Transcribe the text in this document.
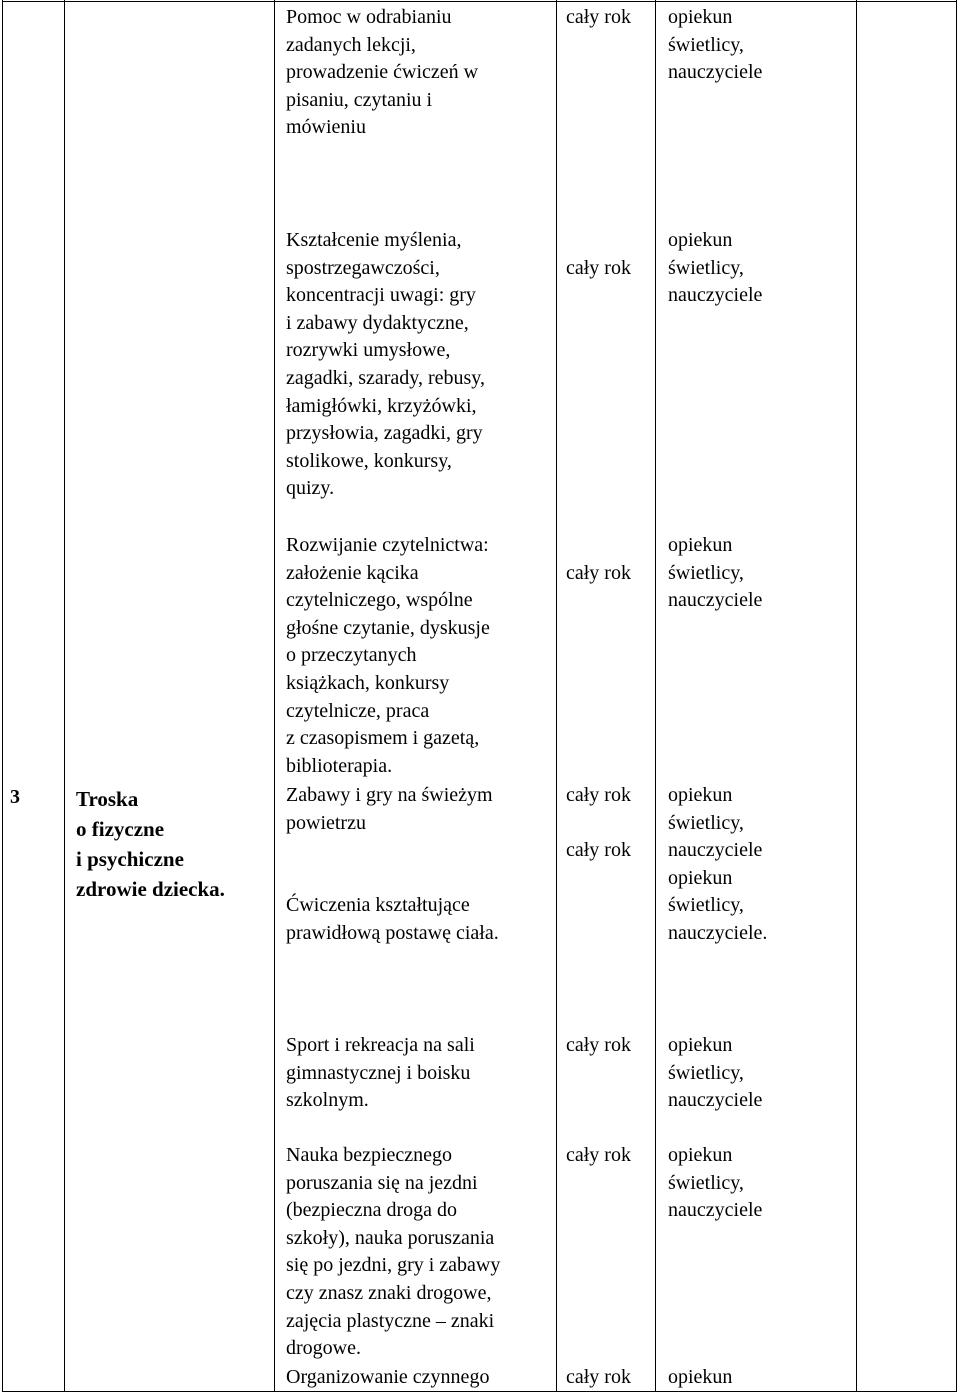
3	Troska
o fizyczne
i psychiczne
zdrowie dziecka.
Pomoc w odrabianiu
zadanych lekcji,
prowadzenie ćwiczeń w
pisaniu, czytaniu i
mówieniu
cały rok opiekun
świetlicy,
nauczyciele
Kształcenie myślenia,
spostrzegawczości,
koncentracji uwagi: gry
i zabawy dydaktyczne,
rozrywki umysłowe,
zagadki, szarady, rebusy,
łamigłówki, krzyżówki,
przysłowia, zagadki, gry
stolikowe, konkursy,
quizy.
cały rok
opiekun
świetlicy,
nauczyciele
Rozwijanie czytelnictwa:
założenie kącika
czytelniczego, wspólne
głośne czytanie, dyskusje
o przeczytanych
książkach, konkursy
czytelnicze, praca
z czasopismem i gazetą,
biblioterapia.
cały rok
opiekun
świetlicy,
nauczyciele
Zabawy i gry na świeżym
powietrzu

Ćwiczenia kształtujące
prawidłową postawę ciała.
cały rok

cały rok
opiekun
świetlicy,
nauczyciele
opiekun
świetlicy,
nauczyciele.
Sport i rekreacja na sali
gimnastycznej i boisku
szkolnym.
cały rok opiekun
świetlicy,
nauczyciele
Nauka bezpiecznego
poruszania się na jezdni
(bezpieczna droga do
szkoły), nauka poruszania
się po jezdni, gry i zabawy
czy znasz znaki drogowe,
zajęcia plastyczne – znaki
drogowe.
cały rok opiekun
świetlicy,
nauczyciele
Organizowanie czynnego	cały rok opiekun
